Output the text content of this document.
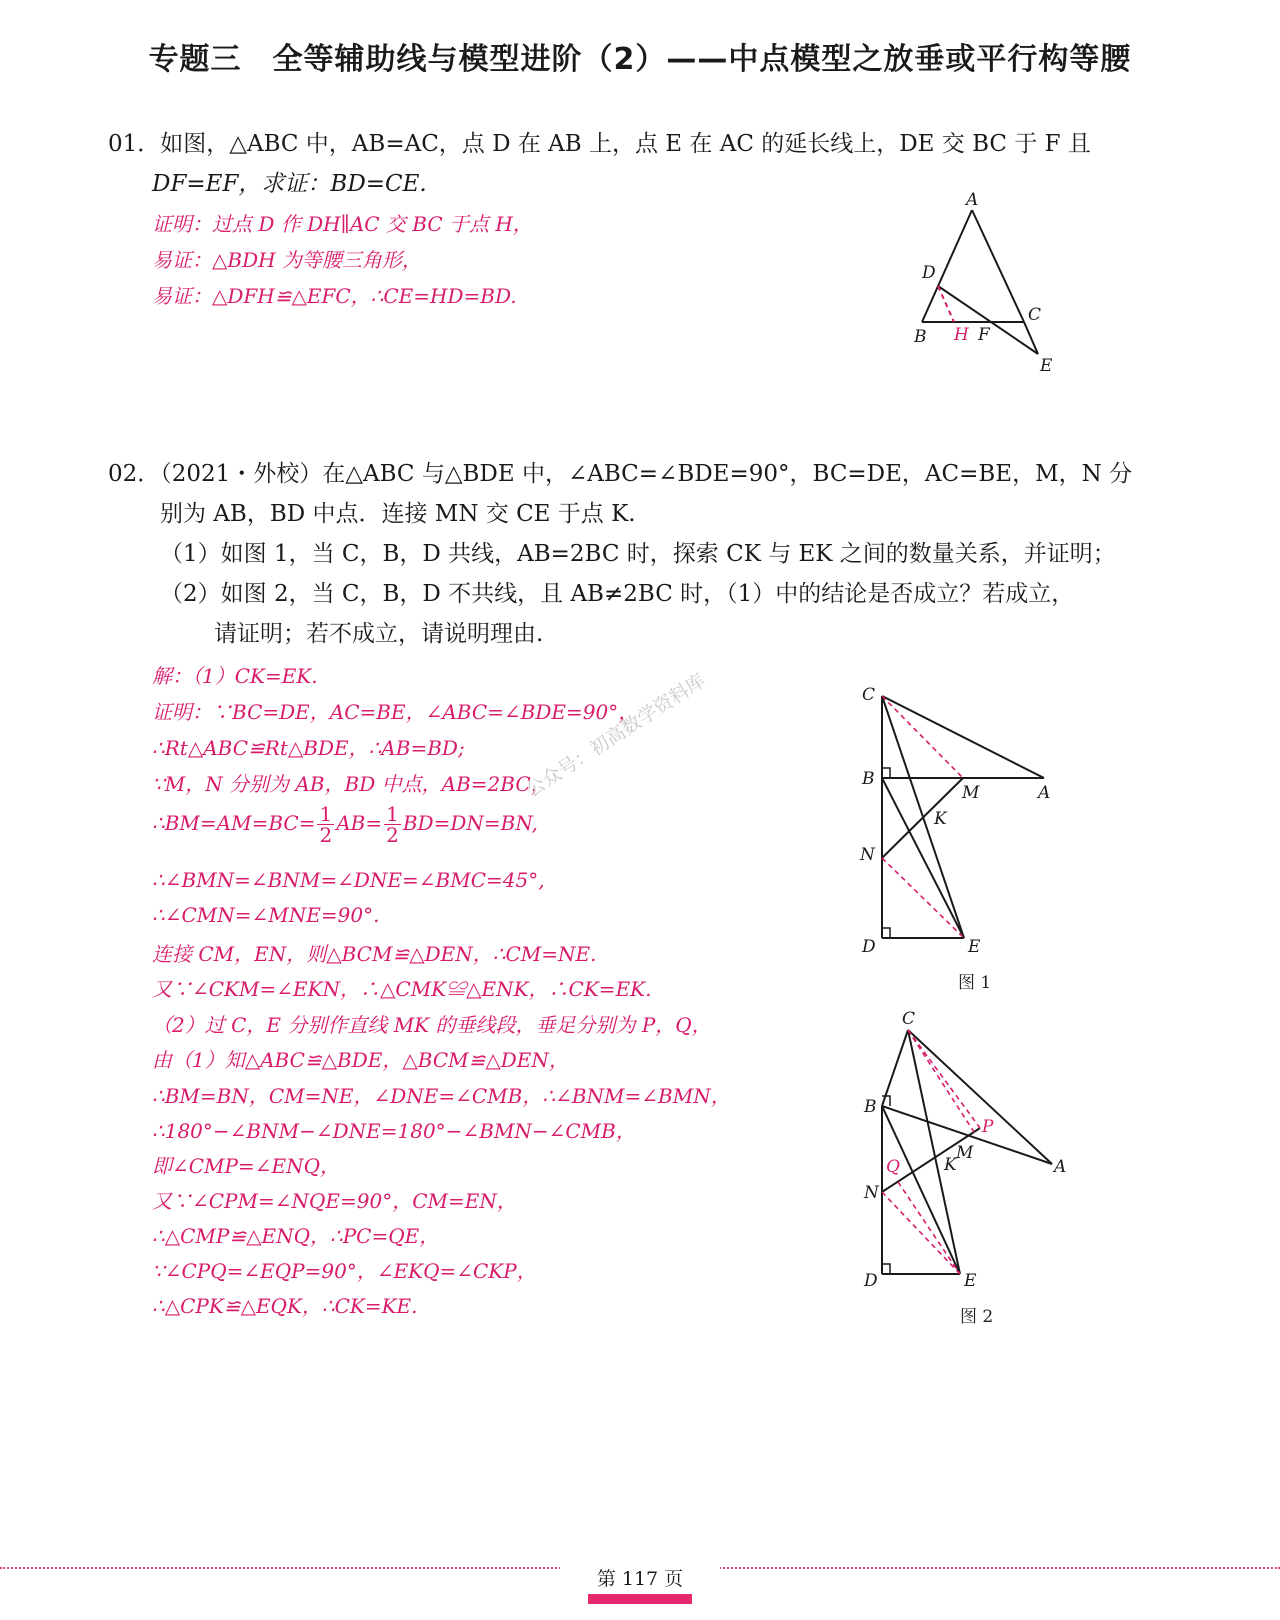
专题三　全等辅助线与模型进阶（2）——中点模型之放垂或平行构等腰
01．如图，△ABC 中，AB=AC，点 D 在 AB 上，点 E 在 AC 的延长线上，DE 交 BC 于 F 且
DF=EF，求证：BD=CE.
证明：过点 D 作 DH∥AC 交 BC 于点 H，
易证：△BDH 为等腰三角形，
易证：△DFH≌△EFC，∴CE=HD=BD.
A
D
B H F
C
E
02．（2021・外校）在△ABC 与△BDE 中，∠ABC=∠BDE=90°，BC=DE，AC=BE，M，N 分
别为 AB，BD 中点．连接 MN 交 CE 于点 K.
（1）如图 1，当 C，B，D 共线，AB=2BC 时，探索 CK 与 EK 之间的数量关系，并证明；
（2）如图 2，当 C，B，D 不共线，且 AB≠2BC 时，（1）中的结论是否成立？若成立，
请证明；若不成立，请说明理由.
解：（1）CK=EK.
证明：∵BC=DE，AC=BE，∠ABC=∠BDE=90°，
∴Rt△ABC≌Rt△BDE，∴AB=BD;
∵M，N 分别为 AB，BD 中点，AB=2BC，
∴BM=AM=BC= $\frac{1}{2} AB= \frac{1}{2} BD=DN=BN$,
∴∠BMN=∠BNM=∠DNE=∠BMC=45°,
∴∠CMN=∠MNE=90°.
连接 CM，EN，则△BCM≌△DEN，∴CM=NE.
又∵∠CKM=∠EKN，∴△CMK≌△ENK，∴CK=EK.
（2）过 C，E 分别作直线 MK 的垂线段，垂足分别为 P，Q，
由（1）知△ABC≌△BDE，△BCM≌△DEN，
∴BM=BN，CM=NE，∠DNE=∠CMB，∴∠BNM=∠BMN，
∴180°−∠BNM−∠DNE=180°−∠BMN−∠CMB，
即∠CMP=∠ENQ，
又∵∠CPM=∠NQE=90°，CM=EN，
∴△CMP≌△ENQ，∴PC=QE，
∵∠CPQ=∠EQP=90°，∠EKQ=∠CKP，
∴△CPK≌△EQK，∴CK=KE.
公众号：初高数学资料库	C
B
M	A
K
N
D	E
图 1
C
B
P
M
K	A
Q
N
D	E
图 2
第 117 页
